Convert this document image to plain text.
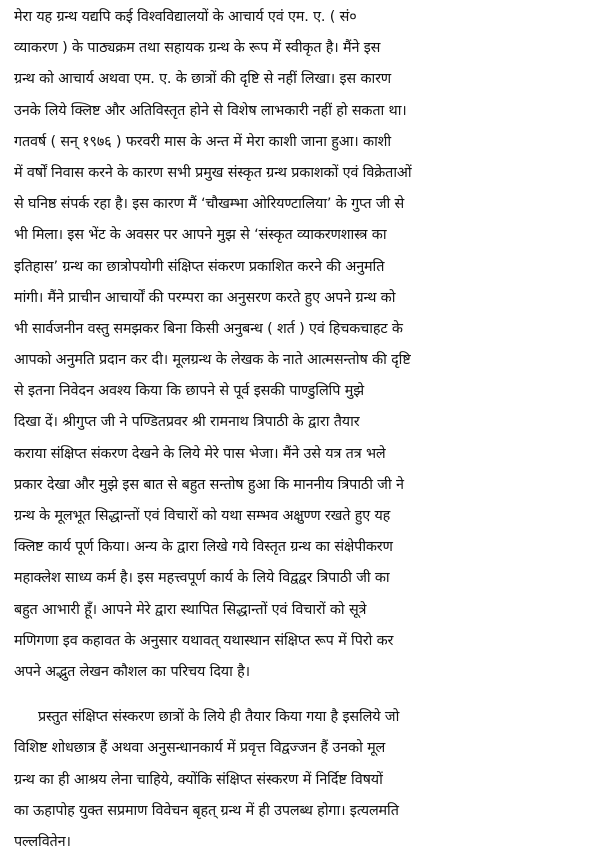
मेरा यह ग्रन्थ यद्यपि कई विश्वविद्यालयों के आचार्य एवं एम. ए. ( सं०
व्याकरण ) के पाठ्यक्रम तथा सहायक ग्रन्थ के रूप में स्वीकृत है। मैंने इस
ग्रन्थ को आचार्य अथवा एम. ए. के छात्रों की दृष्टि से नहीं लिखा। इस कारण
उनके लिये क्लिष्ट और अतिविस्तृत होने से विशेष लाभकारी नहीं हो सकता था।
गतवर्ष ( सन् १९७६ ) फरवरी मास के अन्त में मेरा काशी जाना हुआ। काशी
में वर्षों निवास करने के कारण सभी प्रमुख संस्कृत ग्रन्थ प्रकाशकों एवं विक्रेताओं
से घनिष्ठ संपर्क रहा है। इस कारण मैं ‘चौखम्भा ओरियण्टालिया’ के गुप्त जी से
भी मिला। इस भेंट के अवसर पर आपने मुझ से ‘संस्कृत व्याकरणशास्त्र का
इतिहास’ ग्रन्थ का छात्रोपयोगी संक्षिप्त संकरण प्रकाशित करने की अनुमति
मांगी। मैंने प्राचीन आचार्यों की परम्परा का अनुसरण करते हुए अपने ग्रन्थ को
भी सार्वजनीन वस्तु समझकर बिना किसी अनुबन्ध ( शर्त ) एवं हिचकचाहट के
आपको अनुमति प्रदान कर दी। मूलग्रन्थ के लेखक के नाते आत्मसन्तोष की दृष्टि
से इतना निवेदन अवश्य किया कि छापने से पूर्व इसकी पाण्डुलिपि मुझे
दिखा दें। श्रीगुप्त जी ने पण्डितप्रवर श्री रामनाथ त्रिपाठी के द्वारा तैयार
कराया संक्षिप्त संकरण देखने के लिये मेरे पास भेजा। मैंने उसे यत्र तत्र भले
प्रकार देखा और मुझे इस बात से बहुत सन्तोष हुआ कि माननीय त्रिपाठी जी ने
ग्रन्थ के मूलभूत सिद्धान्तों एवं विचारों को यथा सम्भव अक्षुण्ण रखते हुए यह
क्लिष्ट कार्य पूर्ण किया। अन्य के द्वारा लिखे गये विस्तृत ग्रन्थ का संक्षेपीकरण
महाक्लेश साध्य कर्म है। इस महत्त्वपूर्ण कार्य के लिये विद्वद्वर त्रिपाठी जी का
बहुत आभारी हूँ। आपने मेरे द्वारा स्थापित सिद्धान्तों एवं विचारों को सूत्रे
मणिगणा इव कहावत के अनुसार यथावत् यथास्थान संक्षिप्त रूप में पिरो कर
अपने अद्भुत लेखन कौशल का परिचय दिया है।
प्रस्तुत संक्षिप्त संस्करण छात्रों के लिये ही तैयार किया गया है इसलिये जो
विशिष्ट शोधछात्र हैं अथवा अनुसन्धानकार्य में प्रवृत्त विद्वज्जन हैं उनको मूल
ग्रन्थ का ही आश्रय लेना चाहिये, क्योंकि संक्षिप्त संस्करण में निर्दिष्ट विषयों
का ऊहापोह युक्त सप्रमाण विवेचन बृहत् ग्रन्थ में ही उपलब्ध होगा। इत्यलमति
पल्लवितेन।
